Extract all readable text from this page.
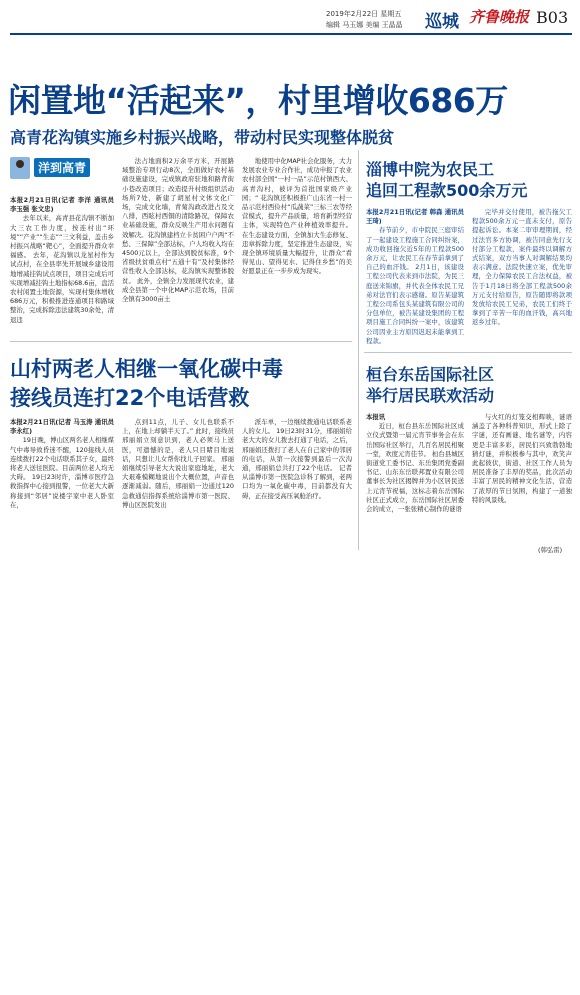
2019年2月22日 星期五
编辑 马玉娜 美编 王晶晶 巡城 齐鲁晚报 B03
闲置地“活起来”，村里增收686万
高青花沟镇实施乡村振兴战略，带动村民实现整体脱贫
洋到高青

本报2月21日讯(记者 李洋 通讯员 李玉强 张文忠)

去年以来，高青县花沟镇不断加大三农工作力度，按连村出“环境”“产业”“生态”“三文利益，盖击乡村振兴战略“靶心”，全面提升群众幸福感。 去年，花沟镇以龙星村作为试点村，在全县率先开展城乡建设用地增减挂钩试点项目，项目完成后可实现增减挂钩土地指标68.6亩，盘活农村闲置土地资源，实现村集体增收686万元，积极推进连通项目和路域整治，完成拆除违法建筑30余处，清退违

法占地面积2万余平方米，开展路域整治专项行动8次，全面做好农村基础设施建设，完成镇政府驻地和路背街小巷改造项目；改造提升村级组织活动场所7处，新建了胡星村文体文化广场，完成文化墙，青菊沟政改进占及文八排，西眩村西铜的清除路况，保障农业基础设施，群众反映生产用水问题有效解决。花沟镇建档立卡贫困户户两“不愁、三保障”全部达标，户人均收入均在4500元以上，全部达到脱贫标准，9个省级扶贫重点村“五通十有”及村集体经营性收入全部达标，花沟镇实现整体脱贫。 此外，全镇全力发展现代农业，建成全县第一个中化MAP示范农场，目前全镇有3000亩土

地使用中化MAP社会化服务，大力发展农业专业合作社，成功申报了农业农村部全国“一村一品”示范村镇西大、高青沟村，被评为首批国家级产业园；“ 花沟镇还积极推广山东省一村一品示范村西俭村“瓜蔬菜”三标三农等经营模式，提升产品质量，培育新型经营主体，实现特色产业种植效率提升。 在生态建设方面，全镇加大生态修复、违章拆除力度，坚定推进生态建设，实现全镇环境质量大幅提升，让群众“看得见山、望得见水、记得住乡愁”的美好愿景正在一步步成为现实。

淄博中院为农民工
追回工程款500余万元

本报2月21日讯(记者 韩森 通讯员 王琦)

春节前夕，市中院民三庭审结了一起建设工程施工合同纠纷案，成功收回拖欠近5年的工程款500余万元，让农民工在春节前拿到了自己的血汗钱。 2月1日，该建设工程公司代表来到市法院，为民三庭送来锦旗，并代表全体农民工兄弟对法官们表示感谢。原告某建筑工程公司系包头某建筑有限公司的分包单位，被告某建设集团的工程项目施工合同纠纷一案中，该建筑公司因业主方原因迟迟未能拿到工程款。

完毕并交付使用，被告拖欠工程款500余万元一直未支付，原告提起诉讼。本案二审审理期间，经过法官多方协调，被告同意先行支付部分工程款，案件最终以调解方式结案，双方当事人对调解结果均表示满意。法院快速立案，优先审理，全力保障农民工合法权益，被告于1月18日将全部工程款500余万元支付给原告，原告随即将款项发放给农民工兄弟，农民工们终于拿到了辛苦一年的血汗钱，高兴地返乡过年。

山村两老人相继一氧化碳中毒
接线员连打22个电话营救

本报2月21日讯(记者 马玉涛 通讯员 李永红)

19日晚，博山区两名老人相继煤气中毒导致昏迷不醒，120接线人员连续拨打22个电话联系其子女，最终将老人送往医院。目前两位老人均无大碍。 19日23时许，淄博市医疗急救指挥中心接到报警，一位老大大新称接到“邻居”说楼宇家中老人卧室在，

点到11点，儿子、女儿也联系不上，在地上却躺半天了。” 此时，接线员邢丽娟立刻意识到，老人必须马上送医，可遗憾的是，老人只目睹目地说话，只想让儿女帮你找儿子回家。 邢丽娟继续引导老大大说出家庭地址，老大大艰难模糊地说出个大概位置，声音也逐渐减弱。随后，邢丽娟一边通过120急救通信指挥系统给淄博市第一医院、博山区医院发出

派车单，一边继续拨通电话联系老人的女儿。 19日23时31分，邢丽娟给老大大的女儿拨去打通了电话，之后，邢丽娟还拨打了老人在自己家中的邻居的电话，从第一次接警到最后一次沟通，邢丽娟总共打了22个电话。 记者从淄博市第一医院急诊科了解到，老两口均为一氧化碳中毒，目前都没有大碍，正在接受高压氧舱治疗。

桓台东岳国际社区
举行居民联欢活动

本报讯

近日，桓台县东岳国际社区成立仪式暨第一届元宵节事务会在东岳国际社区举行，几百名居民相聚一堂，欢度元宵佳节。 桓台县城区街道党工委书记、东岳集团党委副书记、山东东岳联邦置业有限公司董事长为社区揭牌并为小区居民送上元宵节祝福，这标志着东岳国际社区正式成立，东岳国际社区居委会的成立，一张张精心制作的谜语

与火红的灯笼交相辉映，谜语涵盖了各种科普知识，形式上除了字谜，还有画谜、地名谜等，内容更是丰富多彩，居民们兴致勃勃地猜灯谜，并积极参与其中，欢笑声此起彼伏，街道、社区工作人员为居民准备了丰厚的奖品，此次活动丰富了居民的精神文化生活，营造了浓厚的节日氛围，构建了一道独特的风景线。

(韩弘雷)
